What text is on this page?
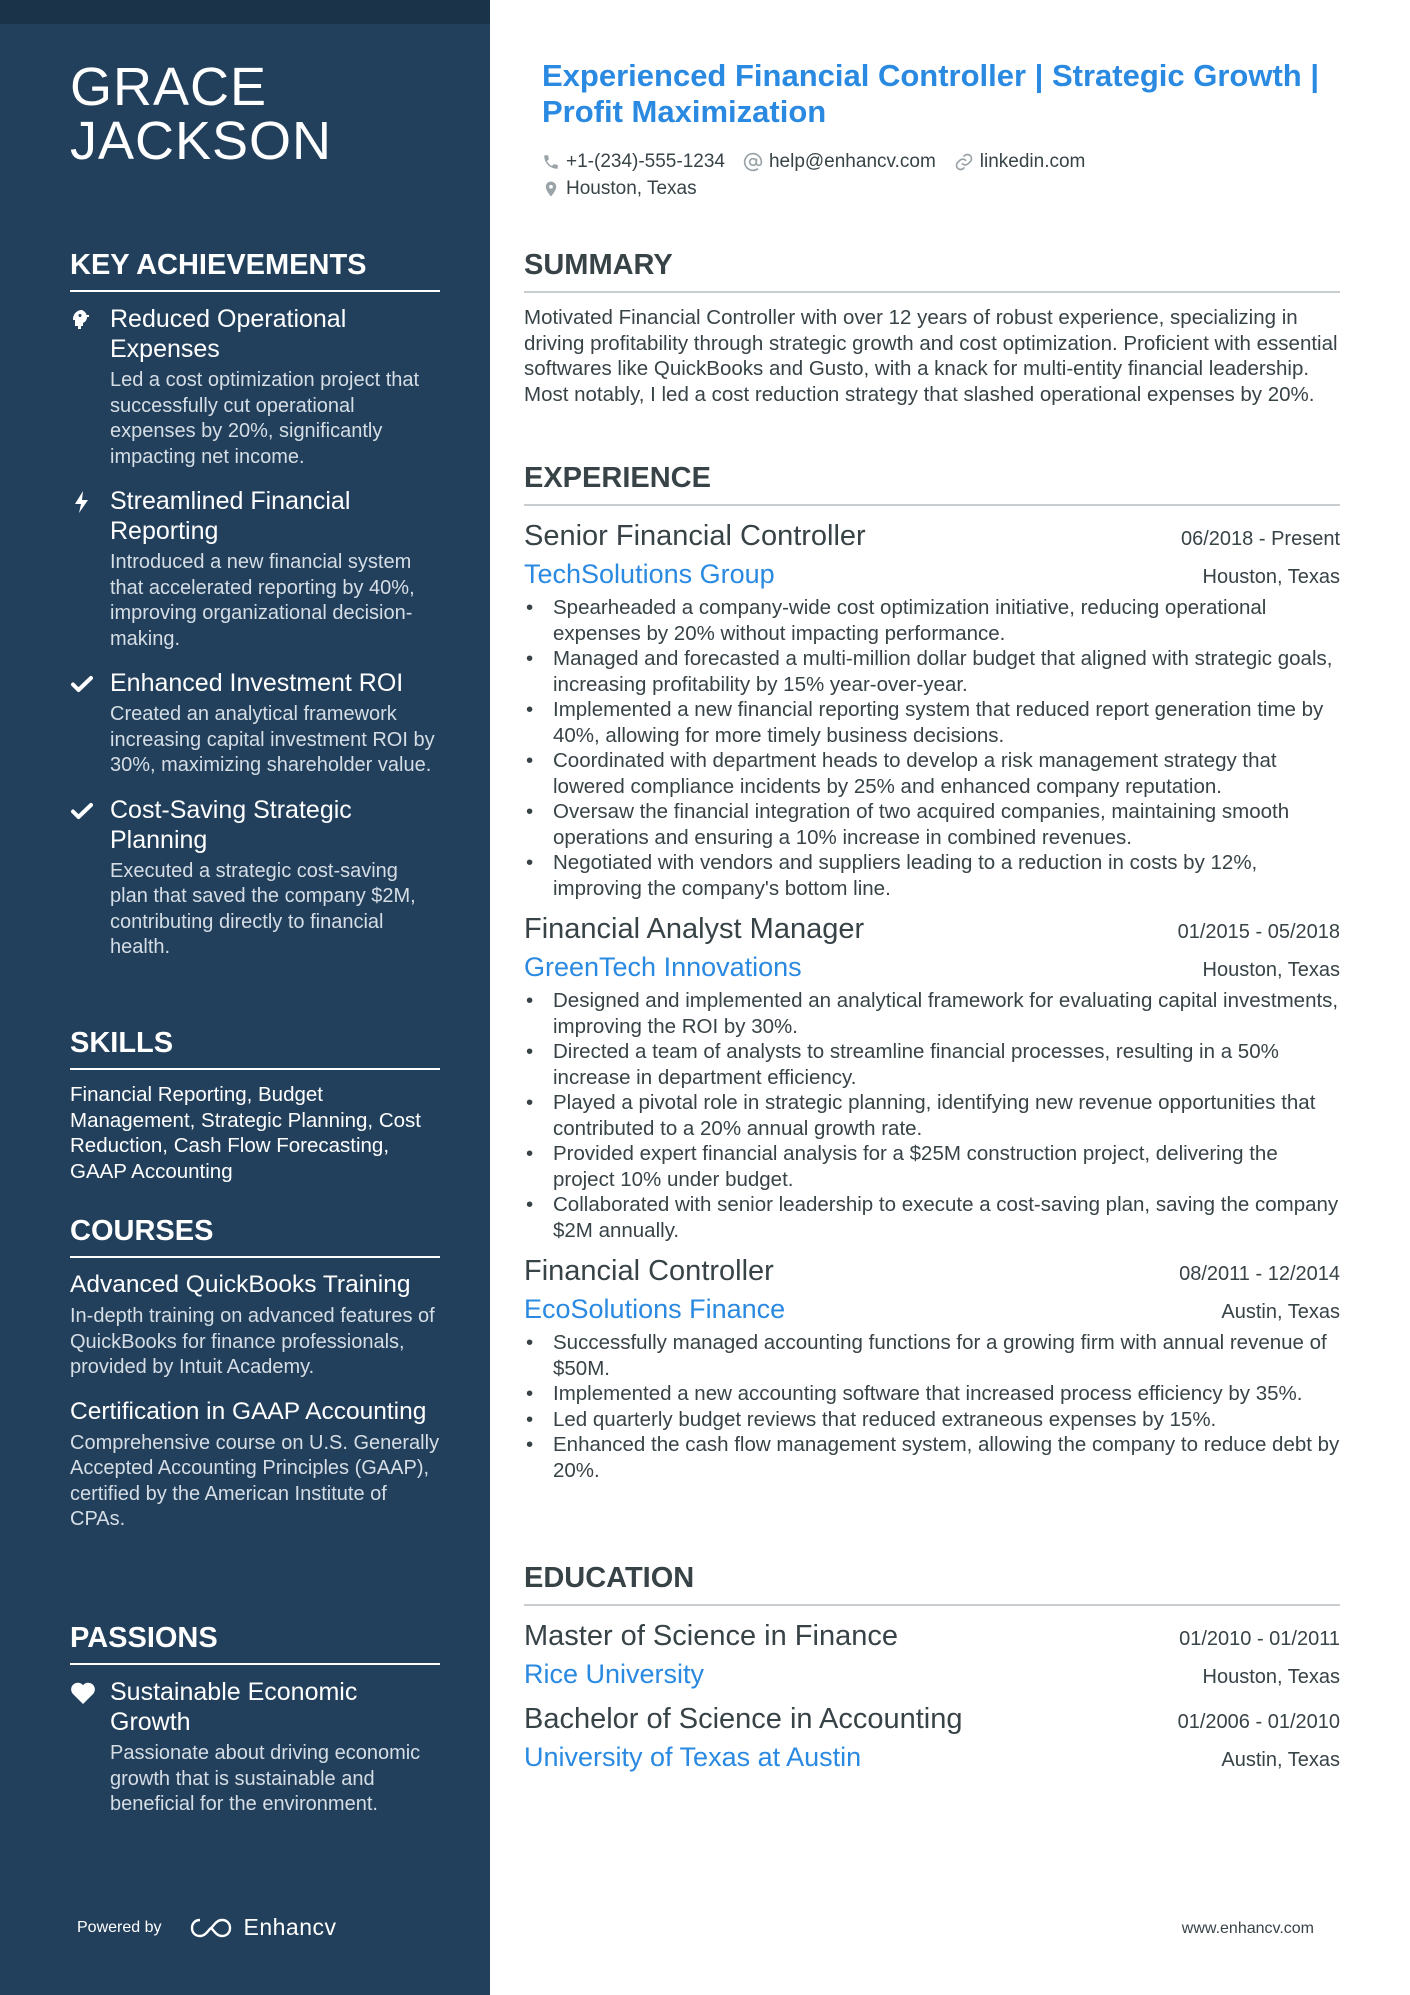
GRACE
JACKSON
KEY ACHIEVEMENTS
Reduced Operational Expenses
Led a cost optimization project that successfully cut operational expenses by 20%, significantly impacting net income.
Streamlined Financial Reporting
Introduced a new financial system that accelerated reporting by 40%, improving organizational decision-making.
Enhanced Investment ROI
Created an analytical framework increasing capital investment ROI by 30%, maximizing shareholder value.
Cost-Saving Strategic Planning
Executed a strategic cost-saving plan that saved the company $2M, contributing directly to financial health.
SKILLS

Financial Reporting, Budget Management, Strategic Planning, Cost Reduction, Cash Flow Forecasting, GAAP Accounting

COURSES
Advanced QuickBooks Training
In-depth training on advanced features of QuickBooks for finance professionals, provided by Intuit Academy.
Certification in GAAP Accounting
Comprehensive course on U.S. Generally Accepted Accounting Principles (GAAP), certified by the American Institute of CPAs.
PASSIONS
Sustainable Economic Growth
Passionate about driving economic growth that is sustainable and beneficial for the environment.
Powered by	Enhancv
Experienced Financial Controller | Strategic Growth | Profit Maximization
+1-(234)-555-1234 help@enhancv.com linkedin.com
Houston, Texas
SUMMARY

Motivated Financial Controller with over 12 years of robust experience, specializing in driving profitability through strategic growth and cost optimization. Proficient with essential softwares like QuickBooks and Gusto, with a knack for multi-entity financial leadership. Most notably, I led a cost reduction strategy that slashed operational expenses by 20%.

EXPERIENCE
Senior Financial Controller	06/2018 - Present
TechSolutions Group	Houston, Texas
• Spearheaded a company-wide cost optimization initiative, reducing operational expenses by 20% without impacting performance.
• Managed and forecasted a multi-million dollar budget that aligned with strategic goals, increasing profitability by 15% year-over-year.
• Implemented a new financial reporting system that reduced report generation time by 40%, allowing for more timely business decisions.
• Coordinated with department heads to develop a risk management strategy that lowered compliance incidents by 25% and enhanced company reputation.
• Oversaw the financial integration of two acquired companies, maintaining smooth operations and ensuring a 10% increase in combined revenues.
• Negotiated with vendors and suppliers leading to a reduction in costs by 12%, improving the company's bottom line.
Financial Analyst Manager	01/2015 - 05/2018
GreenTech Innovations	Houston, Texas
• Designed and implemented an analytical framework for evaluating capital investments, improving the ROI by 30%.
• Directed a team of analysts to streamline financial processes, resulting in a 50% increase in department efficiency.
• Played a pivotal role in strategic planning, identifying new revenue opportunities that contributed to a 20% annual growth rate.
• Provided expert financial analysis for a $25M construction project, delivering the project 10% under budget.
• Collaborated with senior leadership to execute a cost-saving plan, saving the company $2M annually.
Financial Controller	08/2011 - 12/2014
EcoSolutions Finance	Austin, Texas
• Successfully managed accounting functions for a growing firm with annual revenue of $50M.
• Implemented a new accounting software that increased process efficiency by 35%.
• Led quarterly budget reviews that reduced extraneous expenses by 15%.
• Enhanced the cash flow management system, allowing the company to reduce debt by 20%.
EDUCATION
Master of Science in Finance	01/2010 - 01/2011
Rice University	Houston, Texas
Bachelor of Science in Accounting	01/2006 - 01/2010
University of Texas at Austin	Austin, Texas
www.enhancv.com
